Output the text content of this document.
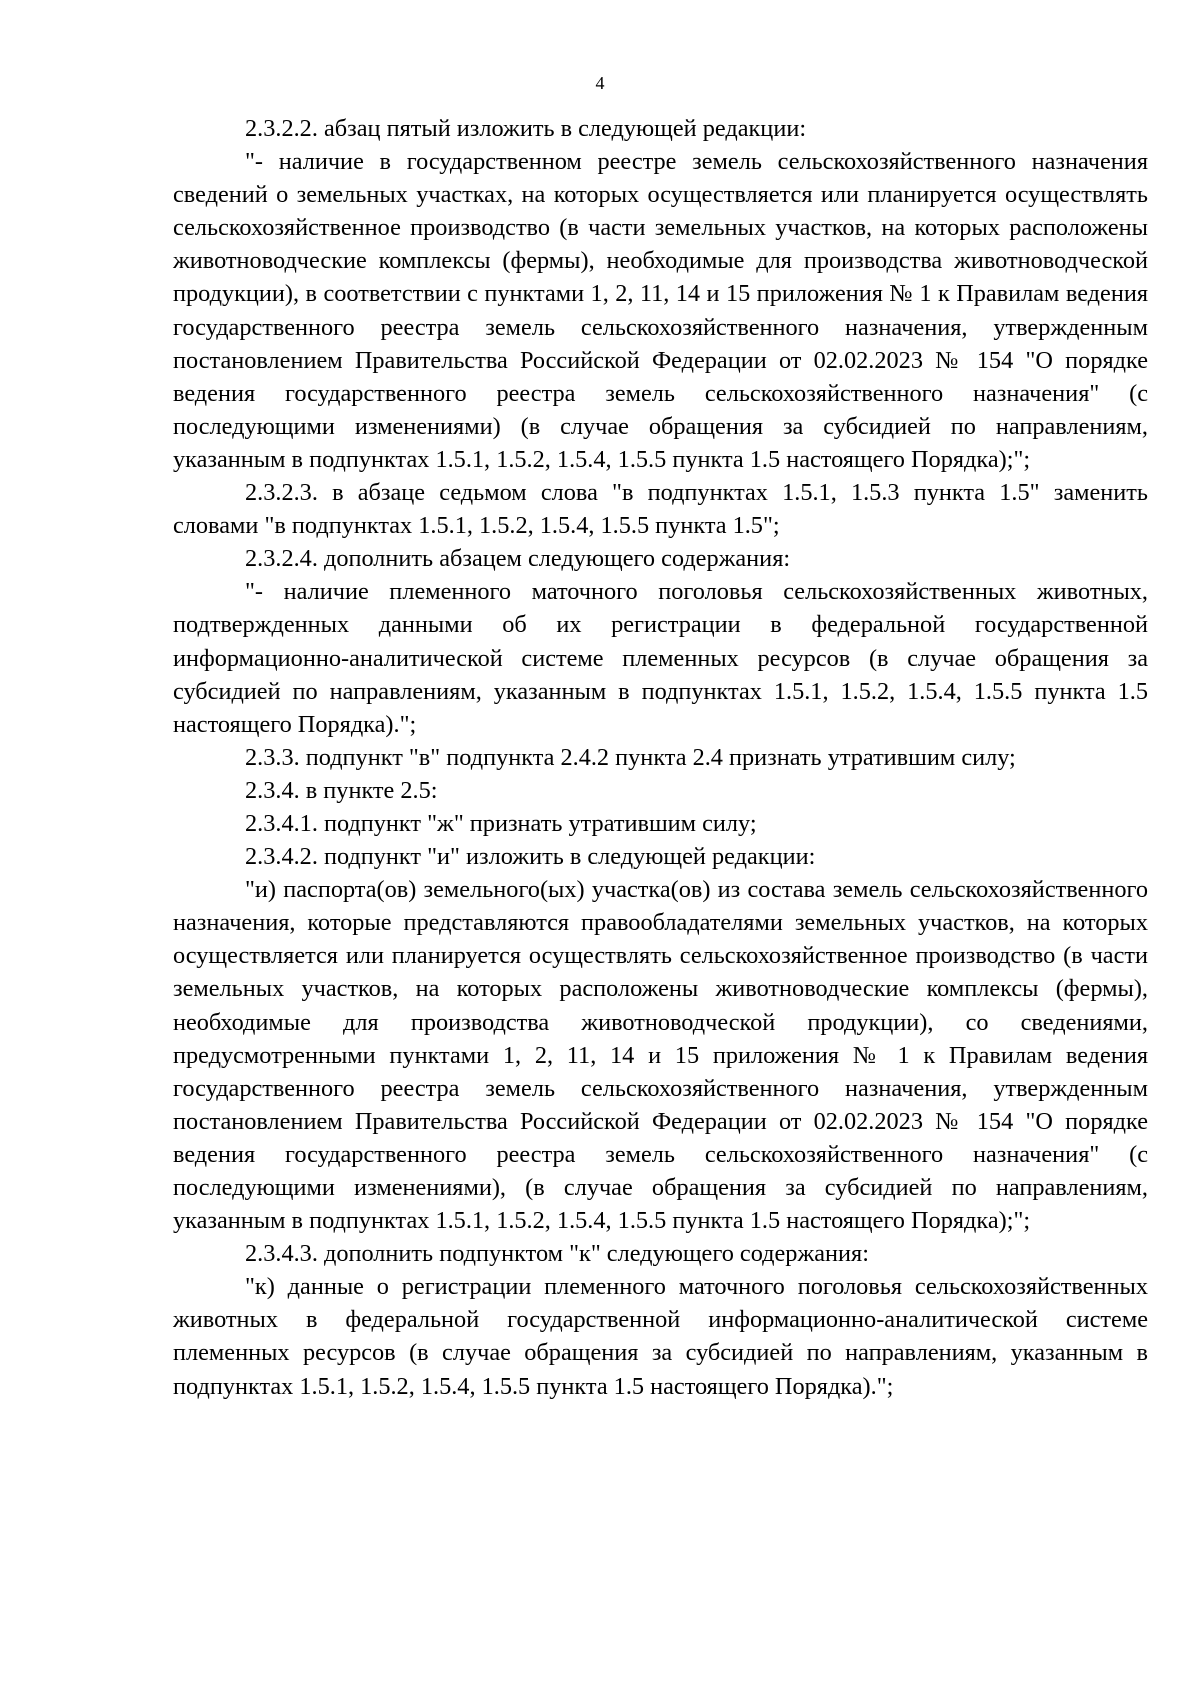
4

2.3.2.2. абзац пятый изложить в следующей редакции:

"- наличие в государственном реестре земель сельскохозяйственного назначения сведений о земельных участках, на которых осуществляется или планируется осуществлять сельскохозяйственное производство (в части земельных участков, на которых расположены животноводческие комплексы (фермы), необходимые для производства животноводческой продукции), в соответствии с пунктами 1, 2, 11, 14 и 15 приложения № 1 к Правилам ведения государственного реестра земель сельскохозяйственного назначения, утвержденным постановлением Правительства Российской Федерации от 02.02.2023 № 154 "О порядке ведения государственного реестра земель сельскохозяйственного назначения" (с последующими изменениями) (в случае обращения за субсидией по направлениям, указанным в подпунктах 1.5.1, 1.5.2, 1.5.4, 1.5.5 пункта 1.5 настоящего Порядка);";

2.3.2.3. в абзаце седьмом слова "в подпунктах 1.5.1, 1.5.3 пункта 1.5" заменить словами "в подпунктах 1.5.1, 1.5.2, 1.5.4, 1.5.5 пункта 1.5";

2.3.2.4. дополнить абзацем следующего содержания:

"- наличие племенного маточного поголовья сельскохозяйственных животных, подтвержденных данными об их регистрации в федеральной государственной информационно-аналитической системе племенных ресурсов (в случае обращения за субсидией по направлениям, указанным в подпунктах 1.5.1, 1.5.2, 1.5.4, 1.5.5 пункта 1.5 настоящего Порядка).";

2.3.3. подпункт "в" подпункта 2.4.2 пункта 2.4 признать утратившим силу;

2.3.4. в пункте 2.5:

2.3.4.1. подпункт "ж" признать утратившим силу;

2.3.4.2. подпункт "и" изложить в следующей редакции:

"и) паспорта(ов) земельного(ых) участка(ов) из состава земель сельскохозяйственного назначения, которые представляются правообладателями земельных участков, на которых осуществляется или планируется осуществлять сельскохозяйственное производство (в части земельных участков, на которых расположены животноводческие комплексы (фермы), необходимые для производства животноводческой продукции), со сведениями, предусмотренными пунктами 1, 2, 11, 14 и 15 приложения № 1 к Правилам ведения государственного реестра земель сельскохозяйственного назначения, утвержденным постановлением Правительства Российской Федерации от 02.02.2023 № 154 "О порядке ведения государственного реестра земель сельскохозяйственного назначения" (с последующими изменениями), (в случае обращения за субсидией по направлениям, указанным в подпунктах 1.5.1, 1.5.2, 1.5.4, 1.5.5 пункта 1.5 настоящего Порядка);";

2.3.4.3. дополнить подпунктом "к" следующего содержания:

"к) данные о регистрации племенного маточного поголовья сельскохозяйственных животных в федеральной государственной информационно-аналитической системе племенных ресурсов (в случае обращения за субсидией по направлениям, указанным в подпунктах 1.5.1, 1.5.2, 1.5.4, 1.5.5 пункта 1.5 настоящего Порядка).";
